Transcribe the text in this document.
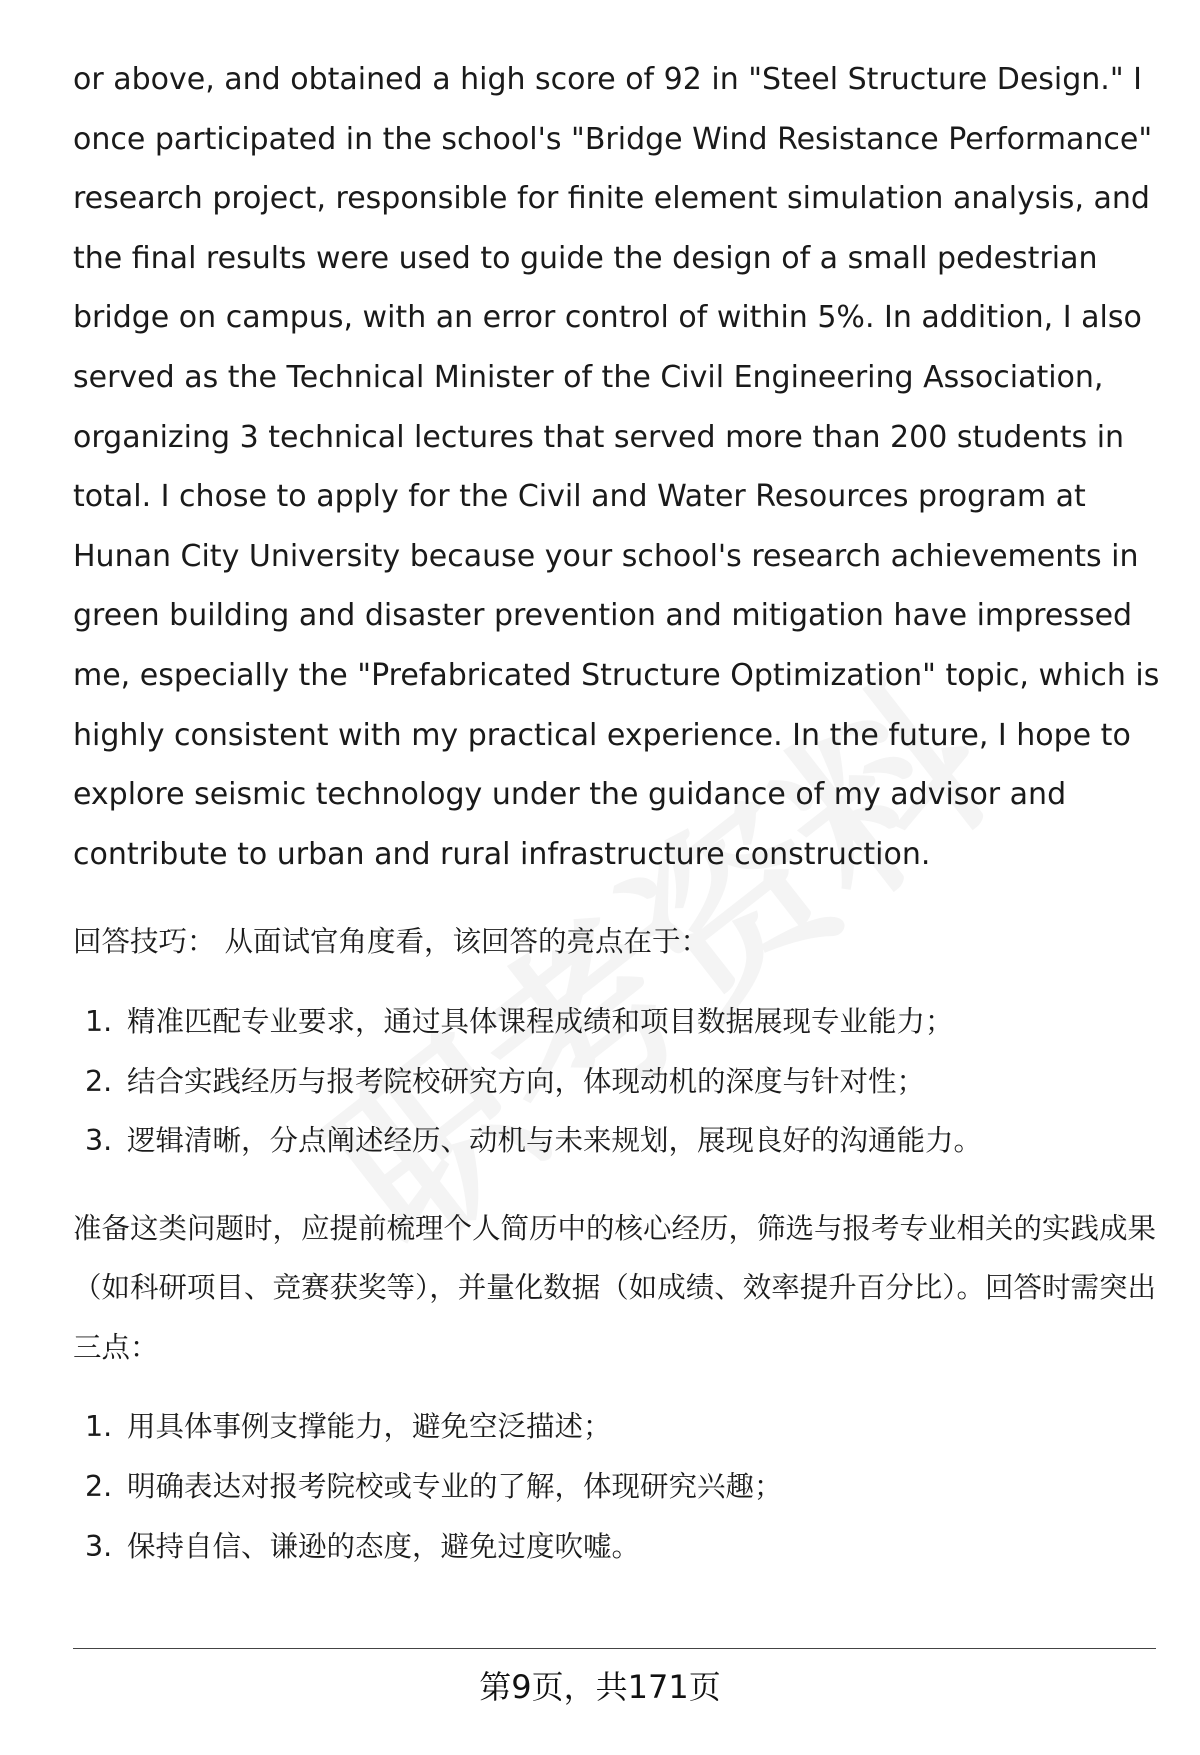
or above, and obtained a high score of 92 in "Steel Structure Design." I once participated in the school's "Bridge Wind Resistance Performance" research project, responsible for finite element simulation analysis, and the final results were used to guide the design of a small pedestrian bridge on campus, with an error control of within 5%. In addition, I also served as the Technical Minister of the Civil Engineering Association, organizing 3 technical lectures that served more than 200 students in total. I chose to apply for the Civil and Water Resources program at Hunan City University because your school's research achievements in green building and disaster prevention and mitigation have impressed me, especially the "Prefabricated Structure Optimization" topic, which is highly consistent with my practical experience. In the future, I hope to explore seismic technology under the guidance of my advisor and contribute to urban and rural infrastructure construction.

回答技巧： 从面试官角度看，该回答的亮点在于：

1. 精准匹配专业要求，通过具体课程成绩和项目数据展现专业能力；
2. 结合实践经历与报考院校研究方向，体现动机的深度与针对性；
3. 逻辑清晰，分点阐述经历、动机与未来规划，展现良好的沟通能力。

准备这类问题时，应提前梳理个人简历中的核心经历，筛选与报考专业相关的实践成果（如科研项目、竞赛获奖等），并量化数据（如成绩、效率提升百分比）。回答时需突出三点：

1. 用具体事例支撑能力，避免空泛描述；
2. 明确表达对报考院校或专业的了解，体现研究兴趣；
3. 保持自信、谦逊的态度，避免过度吹嘘。
第9页，共171页
